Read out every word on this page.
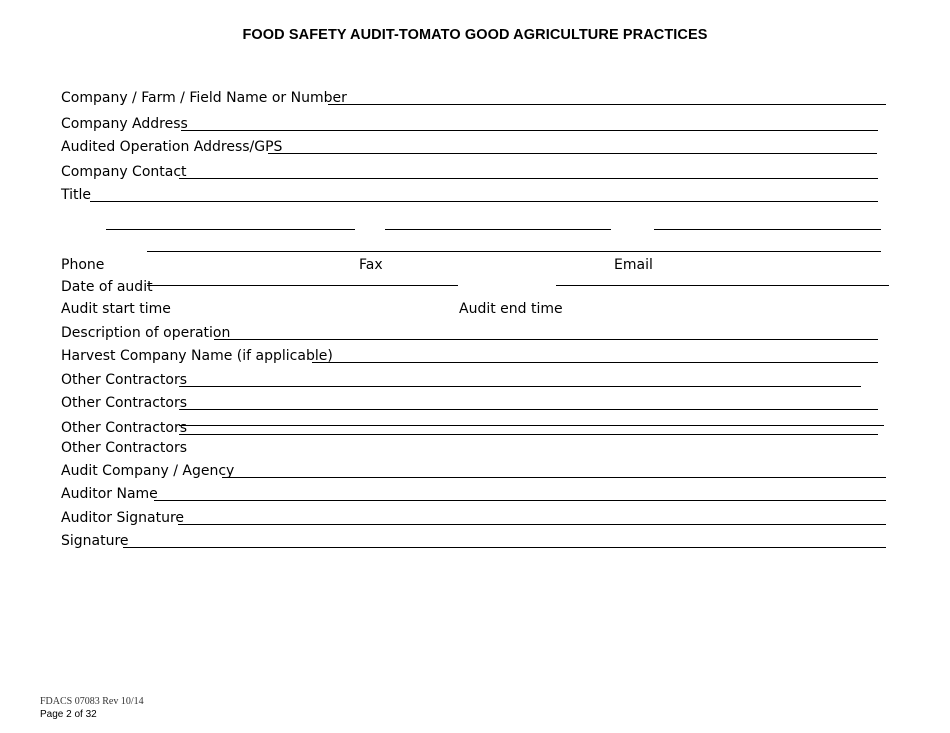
FOOD SAFETY AUDIT-TOMATO GOOD AGRICULTURE PRACTICES
Company / Farm / Field Name or Number
Company Address
Audited Operation Address/GPS
Company Contact
Title
Phone	Fax	Email
Date of audit
Audit start time	Audit end time
Description of operation
Harvest Company Name (if applicable)
Other Contractors
Other Contractors
Other Contractors
Other Contractors
Audit Company / Agency
Auditor Name
Auditor Signature
Signature
FDACS 07083 Rev 10/14
Page 2 of 32
